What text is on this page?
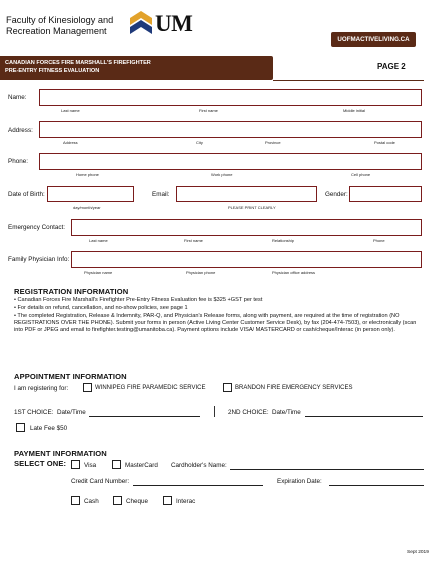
Faculty of Kinesiology and
Recreation Management UM
UOFMACTIVELIVING.CA
CANADIAN FORCES FIRE MARSHALL'S FIREFIGHTER
PRE-ENTRY FITNESS EVALUATION	PAGE 2
Name:
Last name	First name	Middle initial
Address:
Address	City	Province	Postal code
Phone:
Home phone	Work phone	Cell phone
Date of Birth:
day/month/year
Email:
PLEASE PRINT CLEARLY
Gender:
Emergency Contact:
Last name	First name	Relationship	Phone
Family Physician Info:
Physician name	Physician phone	Physician office address
REGISTRATION INFORMATION
• Canadian Forces Fire Marshall's Firefighter Pre-Entry Fitness Evaluation fee is $325 +GST per test
• For details on refund, cancellation, and no-show policies, see page 1
• The completed Registration, Release & Indemnity, PAR-Q, and Physician's Release forms, along with payment, are required at the time of registration (NO REGISTRATIONS OVER THE PHONE). Submit your forms in person (Active Living Center Customer Service Desk), by fax (204-474-7503), or electronically (scan into PDF or JPEG and email to firefighter.testing@umanitoba.ca). Payment options include VISA/ MASTERCARD or cash/cheque/Interac (in person only).
APPOINTMENT INFORMATION
I am registering for:	WINNIPEG FIRE PARAMEDIC SERVICE	BRANDON FIRE EMERGENCY SERVICES
1ST CHOICE: Date/Time	2ND CHOICE: Date/Time
Late Fee $50
PAYMENT INFORMATION
SELECT ONE:	Visa	MasterCard Cardholder's Name:
Credit Card Number:	Expiration Date:
Cash	Cheque	Interac
Sept 2019
